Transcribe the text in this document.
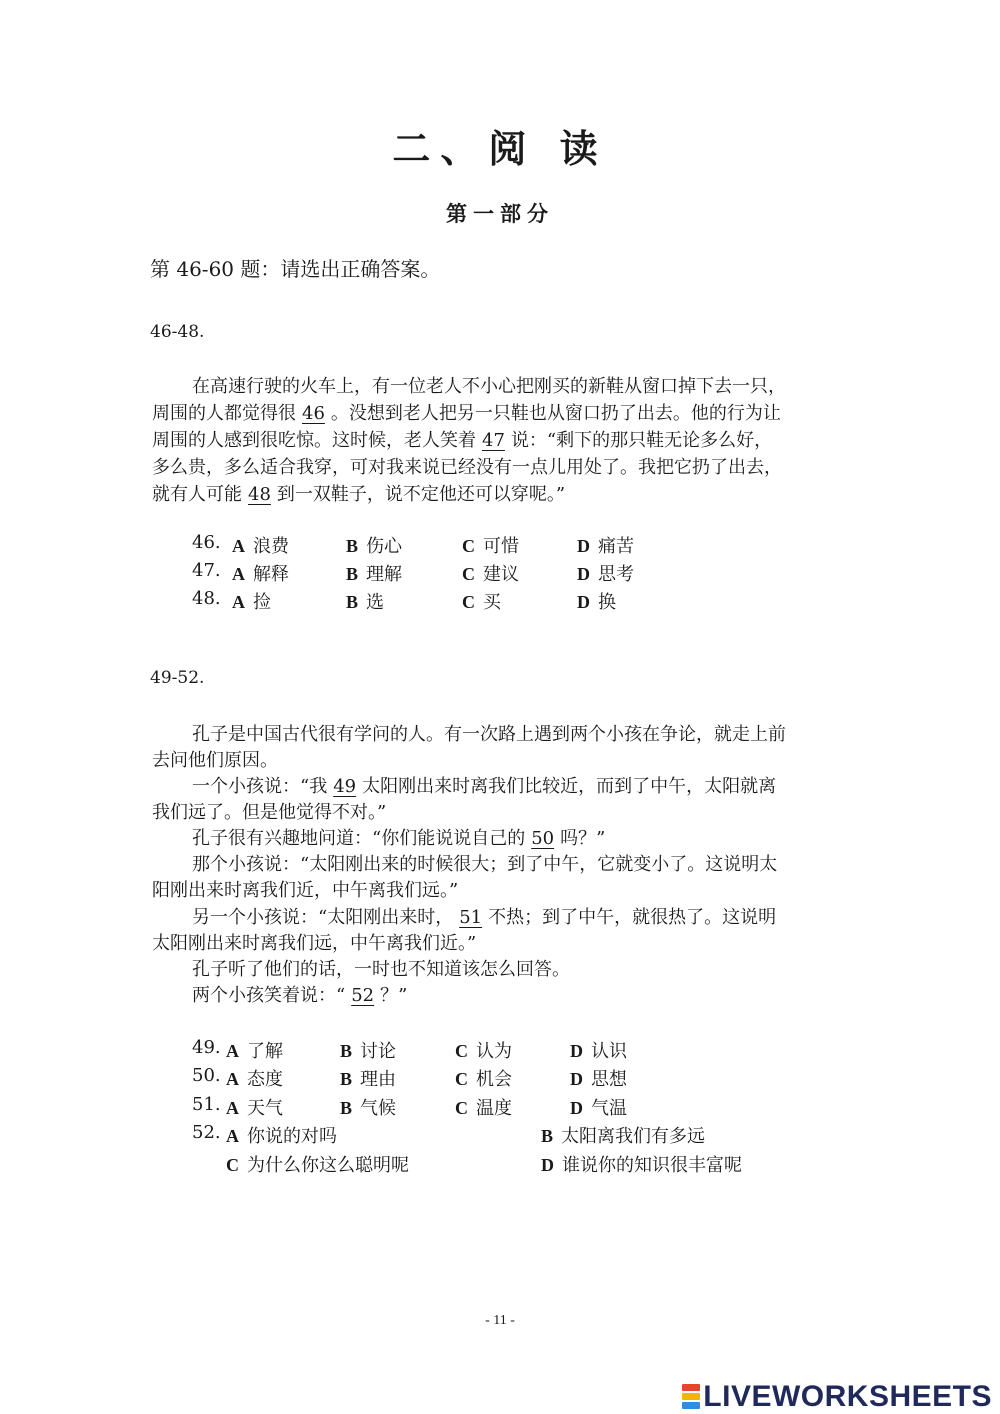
二、阅 读
第一部分
第 46-60 题：请选出正确答案。
46-48.
在高速行驶的火车上，有一位老人不小心把刚买的新鞋从窗口掉下去一只，
周围的人都觉得很 46 。没想到老人把另一只鞋也从窗口扔了出去。他的行为让
周围的人感到很吃惊。这时候，老人笑着 47 说：“剩下的那只鞋无论多么好，
多么贵，多么适合我穿，可对我来说已经没有一点儿用处了。我把它扔了出去，
就有人可能 48 到一双鞋子，说不定他还可以穿呢。”
46. A 浪费	B 伤心	C 可惜	D 痛苦
47. A 解释	B 理解	C 建议	D 思考
48. A 捡	B 选	C 买	D 换
49-52.
孔子是中国古代很有学问的人。有一次路上遇到两个小孩在争论，就走上前
去问他们原因。
一个小孩说：“我 49 太阳刚出来时离我们比较近，而到了中午，太阳就离
我们远了。但是他觉得不对。”
孔子很有兴趣地问道：“你们能说说自己的 50 吗？”
那个小孩说：“太阳刚出来的时候很大；到了中午，它就变小了。这说明太
阳刚出来时离我们近，中午离我们远。”
另一个小孩说：“太阳刚出来时， 51 不热；到了中午，就很热了。这说明
太阳刚出来时离我们远，中午离我们近。”
孔子听了他们的话，一时也不知道该怎么回答。
两个小孩笑着说：“ 52 ？”
49. A 了解	B 讨论	C 认为	D 认识
50. A 态度	B 理由	C 机会	D 思想
51. A 天气	B 气候	C 温度	D 气温
52. A 你说的对吗	B 太阳离我们有多远
C 为什么你这么聪明呢	D 谁说你的知识很丰富呢
- 11 -
LIVEWORKSHEETS
